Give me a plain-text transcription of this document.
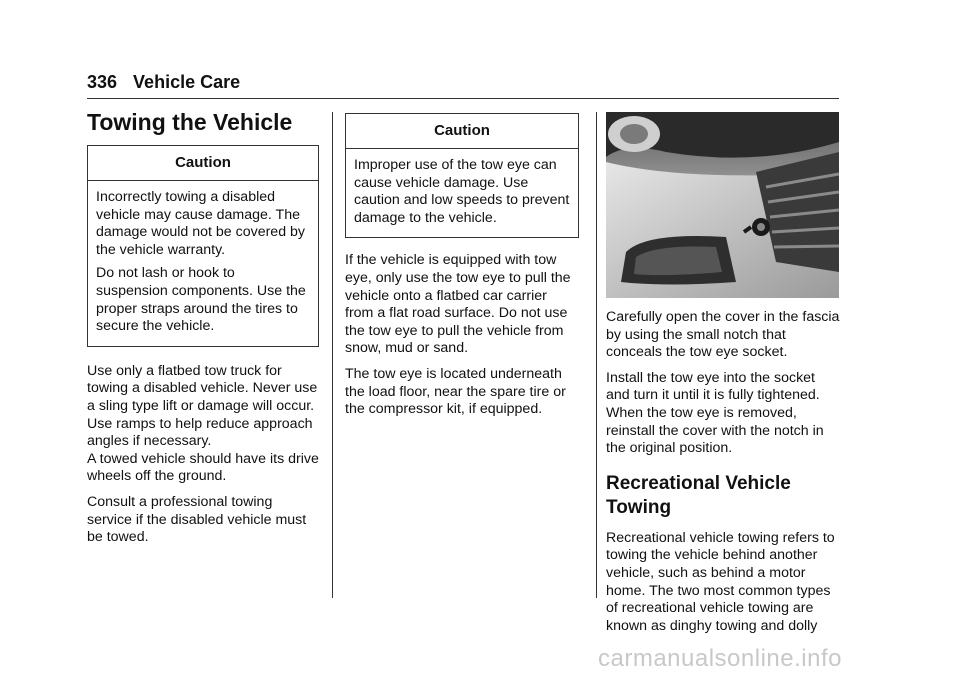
336 Vehicle Care
Towing the Vehicle
Caution

Incorrectly towing a disabled vehicle may cause damage. The damage would not be covered by the vehicle warranty.

Do not lash or hook to suspension components. Use the proper straps around the tires to secure the vehicle.

Use only a flatbed tow truck for towing a disabled vehicle. Never use a sling type lift or damage will occur. Use ramps to help reduce approach angles if necessary.

A towed vehicle should have its drive wheels off the ground.

Consult a professional towing service if the disabled vehicle must be towed.

Caution

Improper use of the tow eye can cause vehicle damage. Use caution and low speeds to prevent damage to the vehicle.

If the vehicle is equipped with tow eye, only use the tow eye to pull the vehicle onto a flatbed car carrier from a flat road surface. Do not use the tow eye to pull the vehicle from snow, mud or sand.

The tow eye is located underneath the load floor, near the spare tire or the compressor kit, if equipped.

Carefully open the cover in the fascia by using the small notch that conceals the tow eye socket.

Install the tow eye into the socket and turn it until it is fully tightened. When the tow eye is removed, reinstall the cover with the notch in the original position.

Recreational Vehicle
Towing

Recreational vehicle towing refers to towing the vehicle behind another vehicle, such as behind a motor home. The two most common types of recreational vehicle towing are known as dinghy towing and dolly

carmanualsonline.info
